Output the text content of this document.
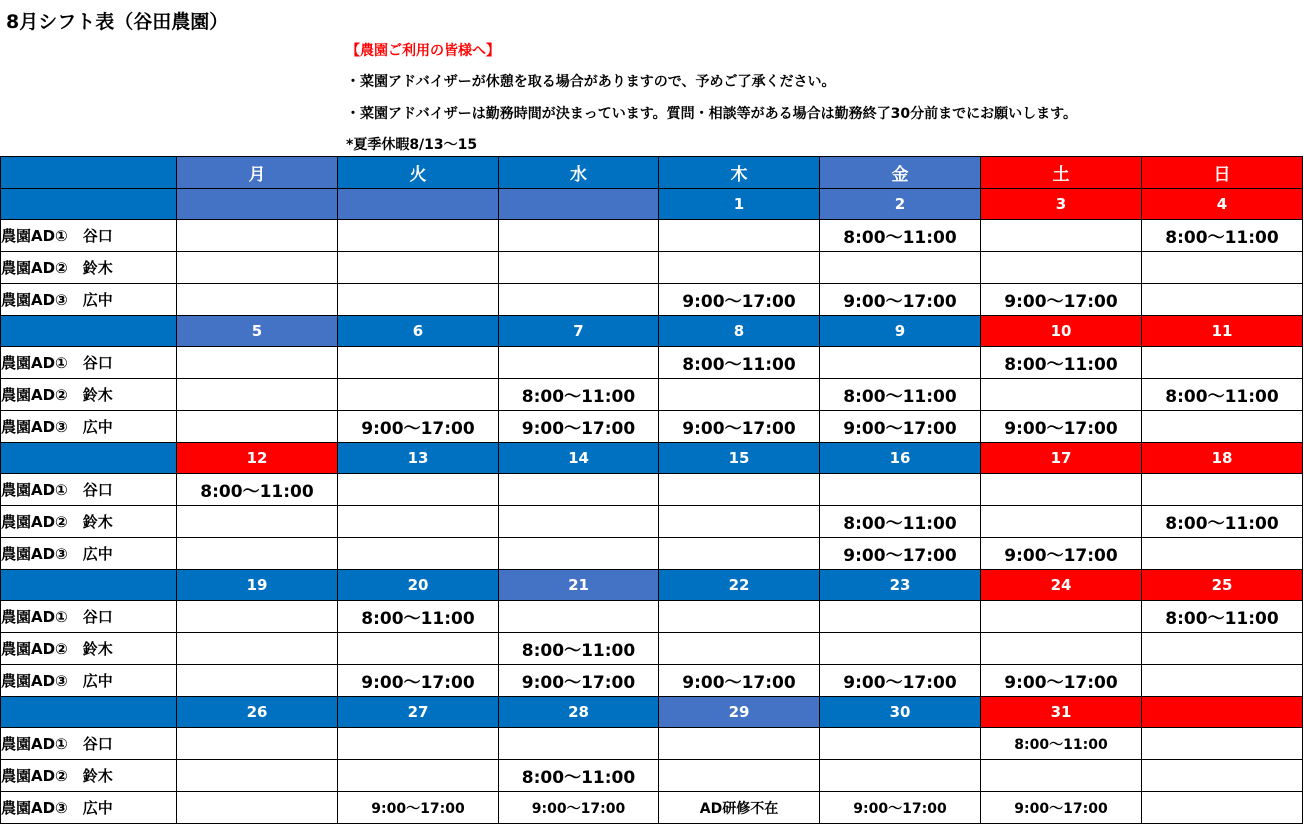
8月シフト表（谷田農園）
【農園ご利用の皆様へ】
・菜園アドバイザーが休憩を取る場合がありますので、予めご了承ください。
・菜園アドバイザーは勤務時間が決まっています。質問・相談等がある場合は勤務終了30分前までにお願いします。
*夏季休暇8/13～15
	月	火	水	木	金	土	日
				1	2	3	4
農園AD①　谷口					8:00～11:00		8:00～11:00
農園AD②　鈴木							
農園AD③　広中				9:00～17:00	9:00～17:00	9:00～17:00	
	5	6	7	8	9	10	11
農園AD①　谷口				8:00～11:00		8:00～11:00	
農園AD②　鈴木			8:00～11:00		8:00～11:00		8:00～11:00
農園AD③　広中		9:00～17:00	9:00～17:00	9:00～17:00	9:00～17:00	9:00～17:00	
	12	13	14	15	16	17	18
農園AD①　谷口	8:00～11:00						
農園AD②　鈴木					8:00～11:00		8:00～11:00
農園AD③　広中					9:00～17:00	9:00～17:00	
	19	20	21	22	23	24	25
農園AD①　谷口		8:00～11:00					8:00～11:00
農園AD②　鈴木			8:00～11:00				
農園AD③　広中		9:00～17:00	9:00～17:00	9:00～17:00	9:00～17:00	9:00～17:00	
	26	27	28	29	30	31	
農園AD①　谷口						8:00～11:00	
農園AD②　鈴木			8:00～11:00				
農園AD③　広中		9:00～17:00	9:00～17:00	AD研修不在	9:00～17:00	9:00～17:00	
